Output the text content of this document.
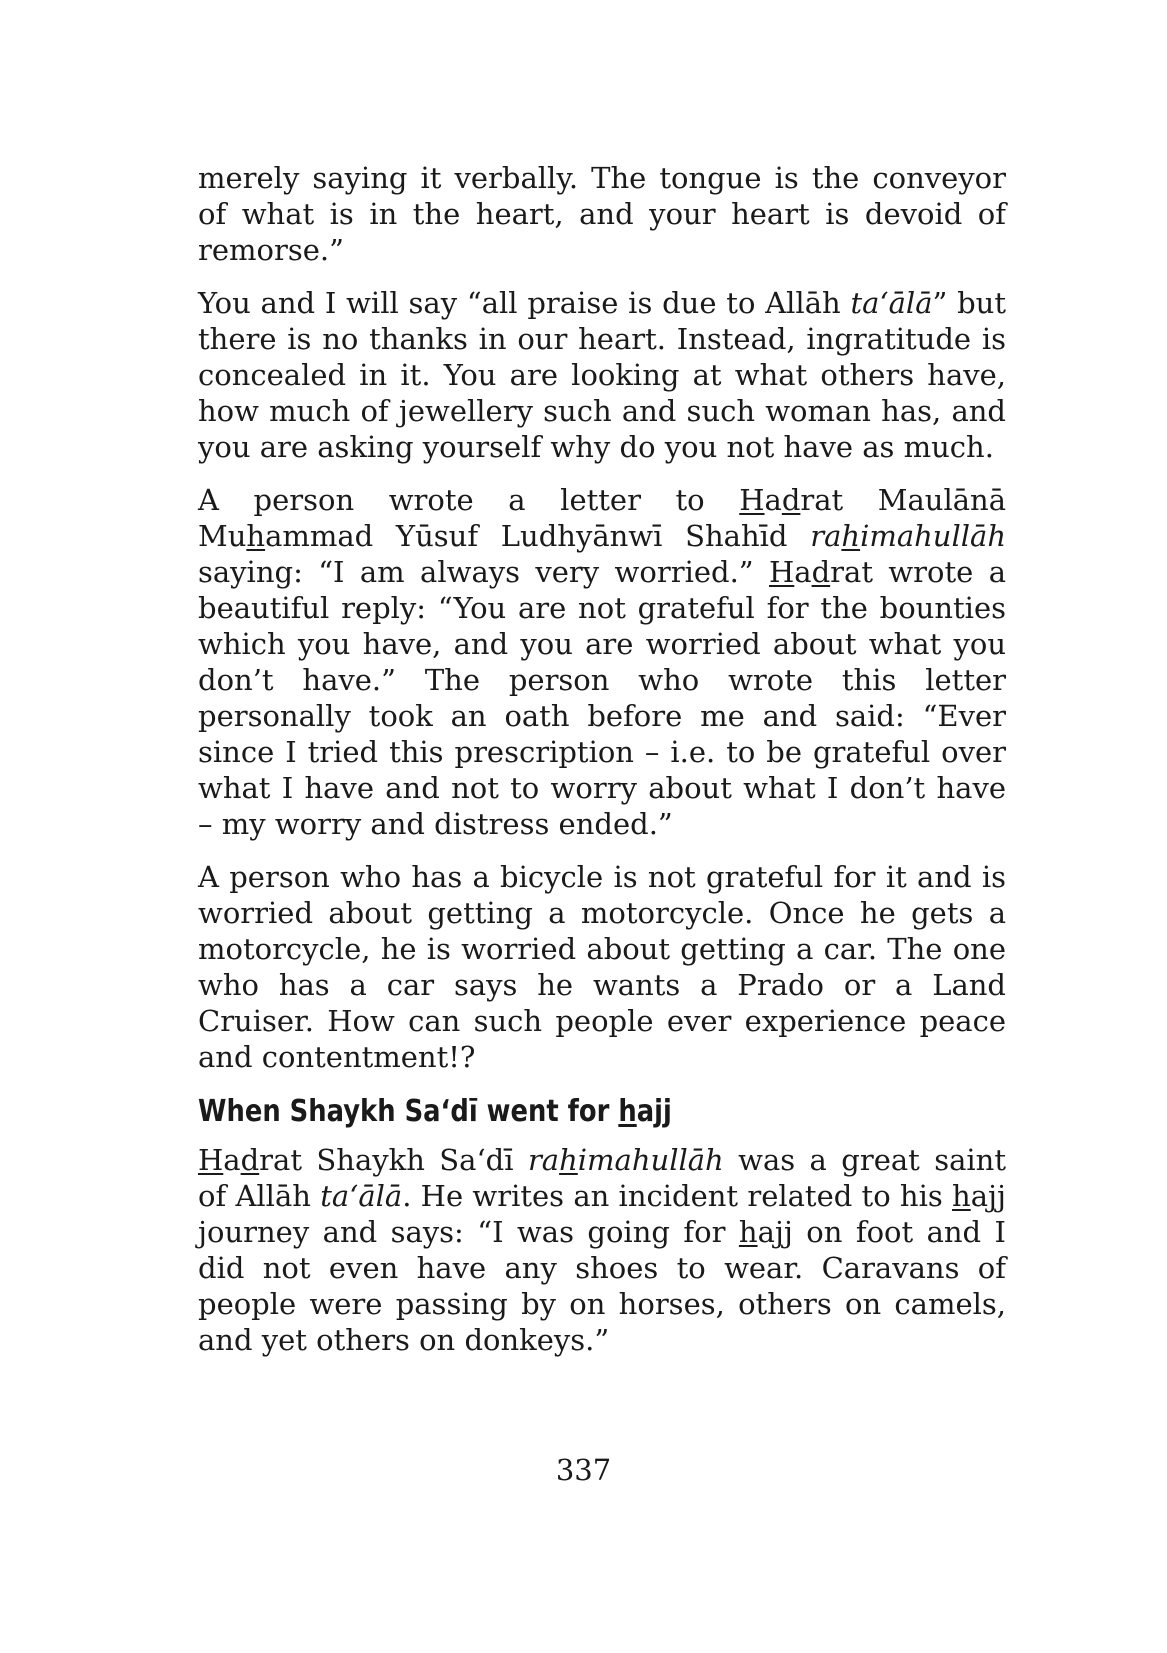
merely saying it verbally. The tongue is the conveyor of what is in the heart, and your heart is devoid of remorse.”

You and I will say “all praise is due to Allāh ta‘ālā” but there is no thanks in our heart. Instead, ingratitude is concealed in it. You are looking at what others have, how much of jewellery such and such woman has, and you are asking yourself why do you not have as much.

A person wrote a letter to Hadrat Maulānā Muhammad Yūsuf Ludhyānwī Shahīd rahimahullāh saying: “I am always very worried.” Hadrat wrote a beautiful reply: “You are not grateful for the bounties which you have, and you are worried about what you don’t have.” The person who wrote this letter personally took an oath before me and said: “Ever since I tried this prescription – i.e. to be grateful over what I have and not to worry about what I don’t have – my worry and distress ended.”

A person who has a bicycle is not grateful for it and is worried about getting a motorcycle. Once he gets a motorcycle, he is worried about getting a car. The one who has a car says he wants a Prado or a Land Cruiser. How can such people ever experience peace and contentment!?

When Shaykh Sa‘dī went for hajj

Hadrat Shaykh Sa‘dī rahimahullāh was a great saint of Allāh ta‘ālā. He writes an incident related to his hajj journey and says: “I was going for hajj on foot and I did not even have any shoes to wear. Caravans of people were passing by on horses, others on camels, and yet others on donkeys.”

337
